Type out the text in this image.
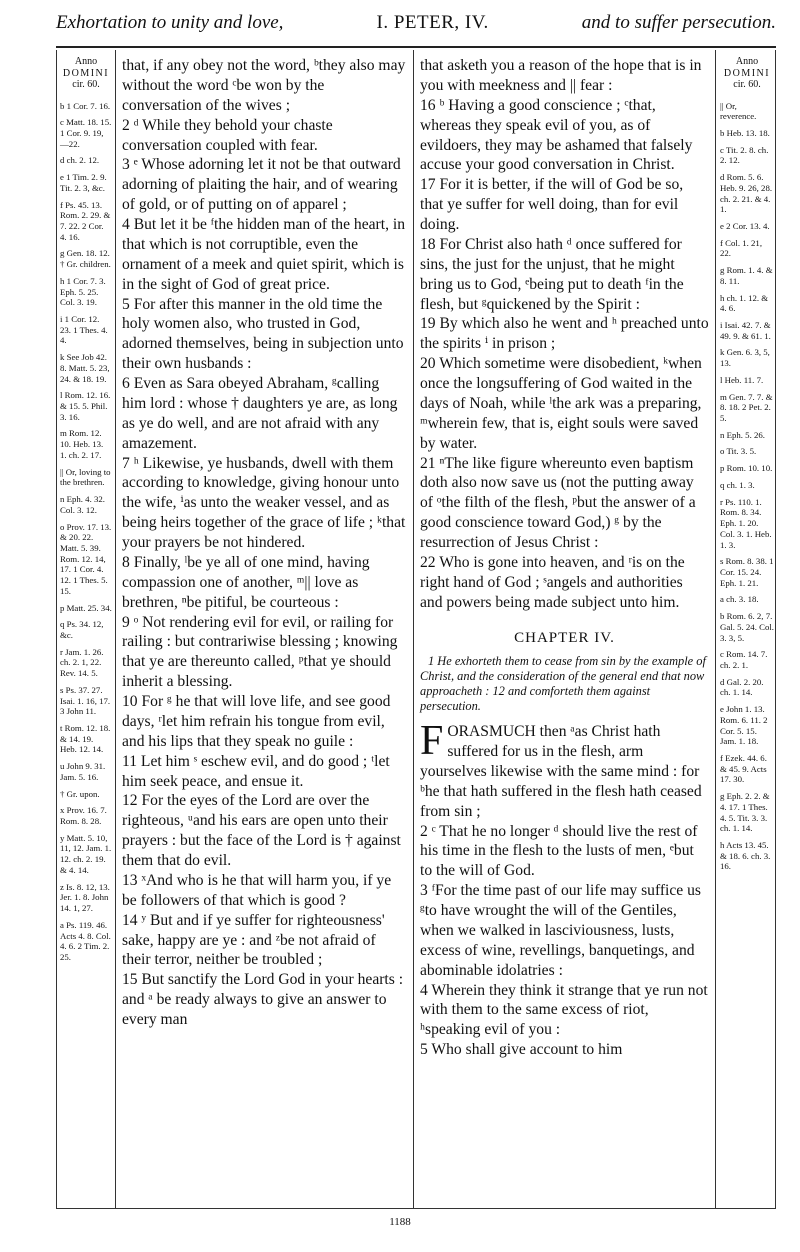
Exhortation to unity and love,	I. PETER, IV.	and to suffer persecution.
Anno
DOMINI
cir. 60.
b 1 Cor. 7. 16.
c Matt. 18. 15. 1 Cor. 9. 19, —22.
d ch. 2. 12.
e 1 Tim. 2. 9. Tit. 2. 3, &c.
f Ps. 45. 13. Rom. 2. 29. & 7. 22. 2 Cor. 4. 16.
g Gen. 18. 12. † Gr. children.
h 1 Cor. 7. 3. Eph. 5. 25. Col. 3. 19.
i 1 Cor. 12. 23. 1 Thes. 4. 4.
k See Job 42. 8. Matt. 5. 23, 24. & 18. 19.
l Rom. 12. 16. & 15. 5. Phil. 3. 16.
m Rom. 12. 10. Heb. 13. 1. ch. 2. 17.
|| Or, loving to the brethren.
n Eph. 4. 32. Col. 3. 12.
o Prov. 17. 13. & 20. 22. Matt. 5. 39. Rom. 12. 14, 17. 1 Cor. 4. 12. 1 Thes. 5. 15.
p Matt. 25. 34.
q Ps. 34. 12, &c.
r Jam. 1. 26. ch. 2. 1, 22. Rev. 14. 5.
s Ps. 37. 27. Isai. 1. 16, 17. 3 John 11.
t Rom. 12. 18. & 14. 19. Heb. 12. 14.
u John 9. 31. Jam. 5. 16.
† Gr. upon.
x Prov. 16. 7. Rom. 8. 28.
y Matt. 5. 10, 11, 12. Jam. 1. 12. ch. 2. 19. & 4. 14.
z Is. 8. 12, 13. Jer. 1. 8. John 14. 1, 27.
a Ps. 119. 46. Acts 4. 8. Col. 4. 6. 2 Tim. 2. 25.

that, if any obey not the word, ᵇthey also may without the word ᶜbe won by the conversation of the wives ;

2 ᵈ While they behold your chaste conversation coupled with fear.

3 ᵉ Whose adorning let it not be that outward adorning of plaiting the hair, and of wearing of gold, or of putting on of apparel ;

4 But let it be ᶠthe hidden man of the heart, in that which is not corruptible, even the ornament of a meek and quiet spirit, which is in the sight of God of great price.

5 For after this manner in the old time the holy women also, who trusted in God, adorned themselves, being in subjection unto their own husbands :

6 Even as Sara obeyed Abraham, ᵍcalling him lord : whose † daughters ye are, as long as ye do well, and are not afraid with any amazement.

7 ʰ Likewise, ye husbands, dwell with them according to knowledge, giving honour unto the wife, ⁱas unto the weaker vessel, and as being heirs together of the grace of life ; ᵏthat your prayers be not hindered.

8 Finally, ˡbe ye all of one mind, having compassion one of another, ᵐ|| love as brethren, ⁿbe pitiful, be courteous :

9 ᵒ Not rendering evil for evil, or railing for railing : but contrariwise blessing ; knowing that ye are thereunto called, ᵖthat ye should inherit a blessing.

10 For ᵍ he that will love life, and see good days, ʳlet him refrain his tongue from evil, and his lips that they speak no guile :

11 Let him ˢ eschew evil, and do good ; ᵗlet him seek peace, and ensue it.

12 For the eyes of the Lord are over the righteous, ᵘand his ears are open unto their prayers : but the face of the Lord is † against them that do evil.

13 ˣAnd who is he that will harm you, if ye be followers of that which is good ?

14 ʸ But and if ye suffer for righteousness' sake, happy are ye : and ᶻbe not afraid of their terror, neither be troubled ;

15 But sanctify the Lord God in your hearts : and ᵃ be ready always to give an answer to every man

that asketh you a reason of the hope that is in you with meekness and || fear :

16 ᵇ Having a good conscience ; ᶜthat, whereas they speak evil of you, as of evildoers, they may be ashamed that falsely accuse your good conversation in Christ.

17 For it is better, if the will of God be so, that ye suffer for well doing, than for evil doing.

18 For Christ also hath ᵈ once suffered for sins, the just for the unjust, that he might bring us to God, ᵉbeing put to death ᶠin the flesh, but ᵍquickened by the Spirit :

19 By which also he went and ʰ preached unto the spirits ⁱ in prison ;

20 Which sometime were disobedient, ᵏwhen once the longsuffering of God waited in the days of Noah, while ˡthe ark was a preparing, ᵐwherein few, that is, eight souls were saved by water.

21 ⁿThe like figure whereunto even baptism doth also now save us (not the putting away of ᵒthe filth of the flesh, ᵖbut the answer of a good conscience toward God,) ᵍ by the resurrection of Jesus Christ :

22 Who is gone into heaven, and ʳis on the right hand of God ; ˢangels and authorities and powers being made subject unto him.

CHAPTER IV.
1 He exhorteth them to cease from sin by the example of Christ, and the consideration of the general end that now approacheth : 12 and comforteth them against persecution.

FORASMUCH then ᵃas Christ hath suffered for us in the flesh, arm yourselves likewise with the same mind : for ᵇhe that hath suffered in the flesh hath ceased from sin ;

2 ᶜ That he no longer ᵈ should live the rest of his time in the flesh to the lusts of men, ᵉbut to the will of God.

3 ᶠFor the time past of our life may suffice us ᵍto have wrought the will of the Gentiles, when we walked in lasciviousness, lusts, excess of wine, revellings, banquetings, and abominable idolatries :

4 Wherein they think it strange that ye run not with them to the same excess of riot, ʰspeaking evil of you :

5 Who shall give account to him

Anno
DOMINI
cir. 60.
|| Or, reverence.
b Heb. 13. 18.
c Tit. 2. 8. ch. 2. 12.
d Rom. 5. 6. Heb. 9. 26, 28. ch. 2. 21. & 4. 1.
e 2 Cor. 13. 4.
f Col. 1. 21, 22.
g Rom. 1. 4. & 8. 11.
h ch. 1. 12. & 4. 6.
i Isai. 42. 7. & 49. 9. & 61. 1.
k Gen. 6. 3, 5, 13.
l Heb. 11. 7.
m Gen. 7. 7. & 8. 18. 2 Pet. 2. 5.
n Eph. 5. 26.
o Tit. 3. 5.
p Rom. 10. 10.
q ch. 1. 3.
r Ps. 110. 1. Rom. 8. 34. Eph. 1. 20. Col. 3. 1. Heb. 1. 3.
s Rom. 8. 38. 1 Cor. 15. 24. Eph. 1. 21.
a ch. 3. 18.
b Rom. 6. 2, 7. Gal. 5. 24. Col. 3. 3, 5.
c Rom. 14. 7. ch. 2. 1.
d Gal. 2. 20. ch. 1. 14.
e John 1. 13. Rom. 6. 11. 2 Cor. 5. 15. Jam. 1. 18.
f Ezek. 44. 6. & 45. 9. Acts 17. 30.
g Eph. 2. 2. & 4. 17. 1 Thes. 4. 5. Tit. 3. 3. ch. 1. 14.
h Acts 13. 45. & 18. 6. ch. 3. 16.
1188
